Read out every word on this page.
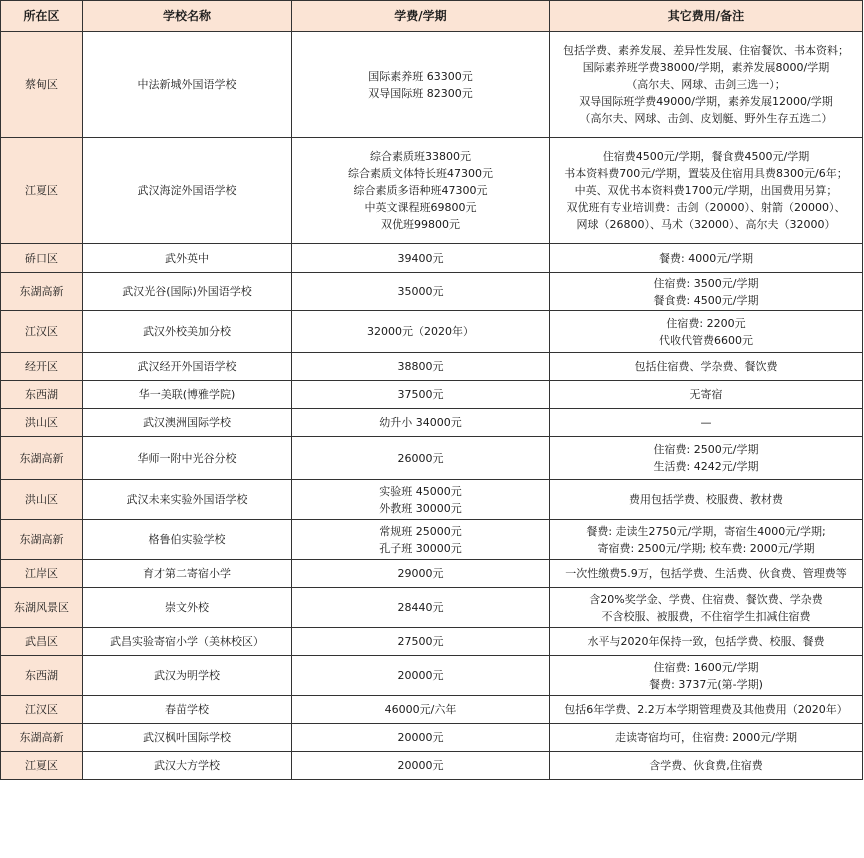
所在区	学校名称	学费/学期	其它费用/备注
蔡甸区	中法新城外国语学校	国际素养班 63300元
双导国际班 82300元	包括学费、素养发展、差异性发展、住宿餐饮、书本资料；
国际素养班学费38000/学期，素养发展8000/学期
（高尔夫、网球、击剑三选一）；
双导国际班学费49000/学期，素养发展12000/学期
（高尔夫、网球、击剑、皮划艇、野外生存五选二）

江夏区	武汉海淀外国语学校	综合素质班33800元
综合素质文体特长班47300元
综合素质多语种班47300元
中英文课程班69800元
双优班99800元	住宿费4500元/学期，餐食费4500元/学期
书本资料费700元/学期，置装及住宿用具费8300元/6年；
中英、双优书本资料费1700元/学期，出国费用另算；
双优班有专业培训费：击剑（20000）、射箭（20000）、
网球（26800）、马术（32000）、高尔夫（32000）

硚口区	武外英中	39400元	餐费: 4000元/学期

东湖高新	武汉光谷(国际)外国语学校	35000元	住宿费: 3500元/学期
餐食费: 4500元/学期

江汉区	武汉外校美加分校	32000元（2020年）	住宿费: 2200元
代收代管费6600元

经开区	武汉经开外国语学校	38800元	包括住宿费、学杂费、餐饮费

东西湖	华一美联(博雅学院)	37500元	无寄宿

洪山区	武汉澳洲国际学校	幼升小 34000元	—

东湖高新	华师一附中光谷分校	26000元	住宿费: 2500元/学期
生活费: 4242元/学期

洪山区	武汉未来实验外国语学校	实验班 45000元
外教班 30000元	费用包括学费、校服费、教材费

东湖高新	格鲁伯实验学校	常规班 25000元
孔子班 30000元	餐费: 走读生2750元/学期，寄宿生4000元/学期;
寄宿费: 2500元/学期; 校车费: 2000元/学期

江岸区	育才第二寄宿小学	29000元	一次性缴费5.9万，包括学费、生活费、伙食费、管理费等

东湖风景区	崇文外校	28440元	含20%奖学金、学费、住宿费、餐饮费、学杂费
不含校服、被服费，不住宿学生扣减住宿费

武昌区	武昌实验寄宿小学（美林校区）	27500元	水平与2020年保持一致，包括学费、校服、餐费

东西湖	武汉为明学校	20000元	住宿费: 1600元/学期
餐费: 3737元(第-学期)

江汉区	春苗学校	46000元/六年	包括6年学费、2.2万本学期管理费及其他费用（2020年）

东湖高新	武汉枫叶国际学校	20000元	走读寄宿均可，住宿费: 2000元/学期

江夏区	武汉大方学校	20000元	含学费、伙食费,住宿费
